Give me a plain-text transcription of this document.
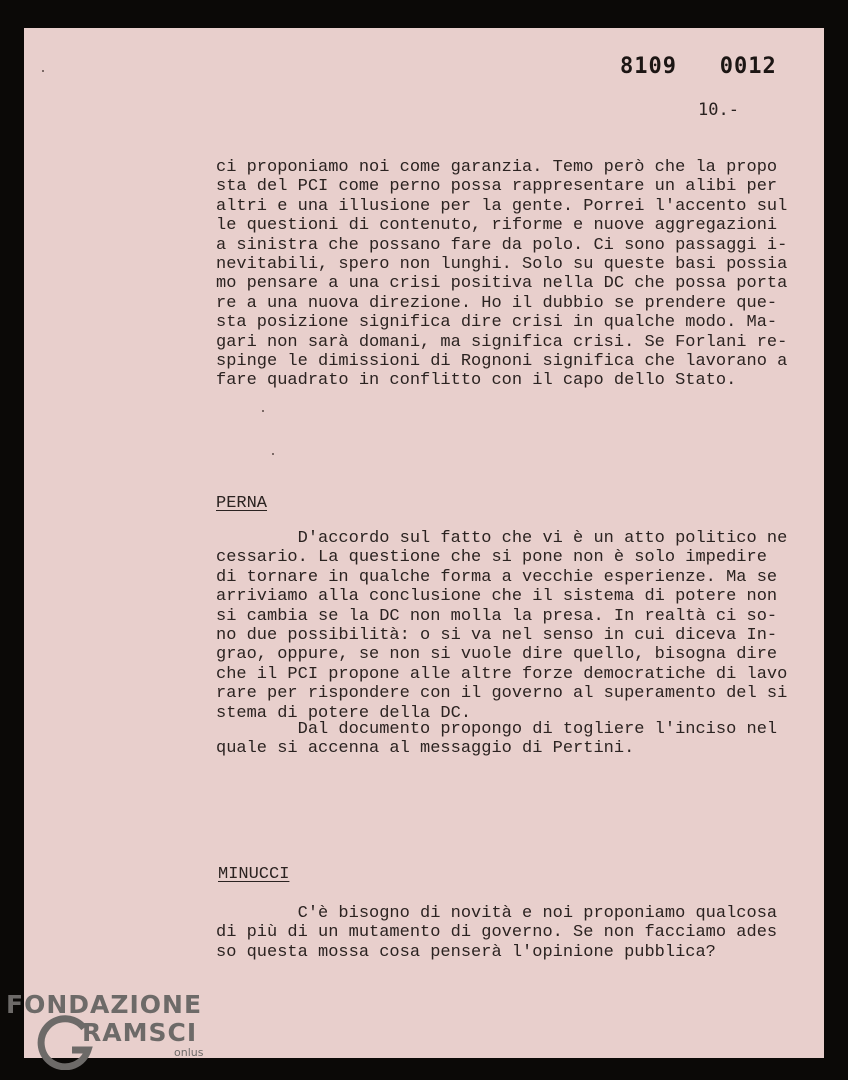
8109   0012
10.-
ci proponiamo noi come garanzia. Temo però che la propo
sta del PCI come perno possa rappresentare un alibi per
altri e una illusione per la gente. Porrei l'accento sul
le questioni di contenuto, riforme e nuove aggregazioni
a sinistra che possano fare da polo. Ci sono passaggi i-
nevitabili, spero non lunghi. Solo su queste basi possia
mo pensare a una crisi positiva nella DC che possa porta
re a una nuova direzione. Ho il dubbio se prendere que-
sta posizione significa dire crisi in qualche modo. Ma-
gari non sarà domani, ma significa crisi. Se Forlani re-
spinge le dimissioni di Rognoni significa che lavorano a
fare quadrato in conflitto con il capo dello Stato.
PERNA
D'accordo sul fatto che vi è un atto politico ne
cessario. La questione che si pone non è solo impedire
di tornare in qualche forma a vecchie esperienze. Ma se
arriviamo alla conclusione che il sistema di potere non
si cambia se la DC non molla la presa. In realtà ci so-
no due possibilità: o si va nel senso in cui diceva In-
grao, oppure, se non si vuole dire quello, bisogna dire
che il PCI propone alle altre forze democratiche di lavo
rare per rispondere con il governo al superamento del si
stema di potere della DC.
Dal documento propongo di togliere l'inciso nel
quale si accenna al messaggio di Pertini.
MINUCCI
C'è bisogno di novità e noi proponiamo qualcosa
di più di un mutamento di governo. Se non facciamo ades
so questa mossa cosa penserà l'opinione pubblica?
FONDAZIONE
RAMSCI
onlus
